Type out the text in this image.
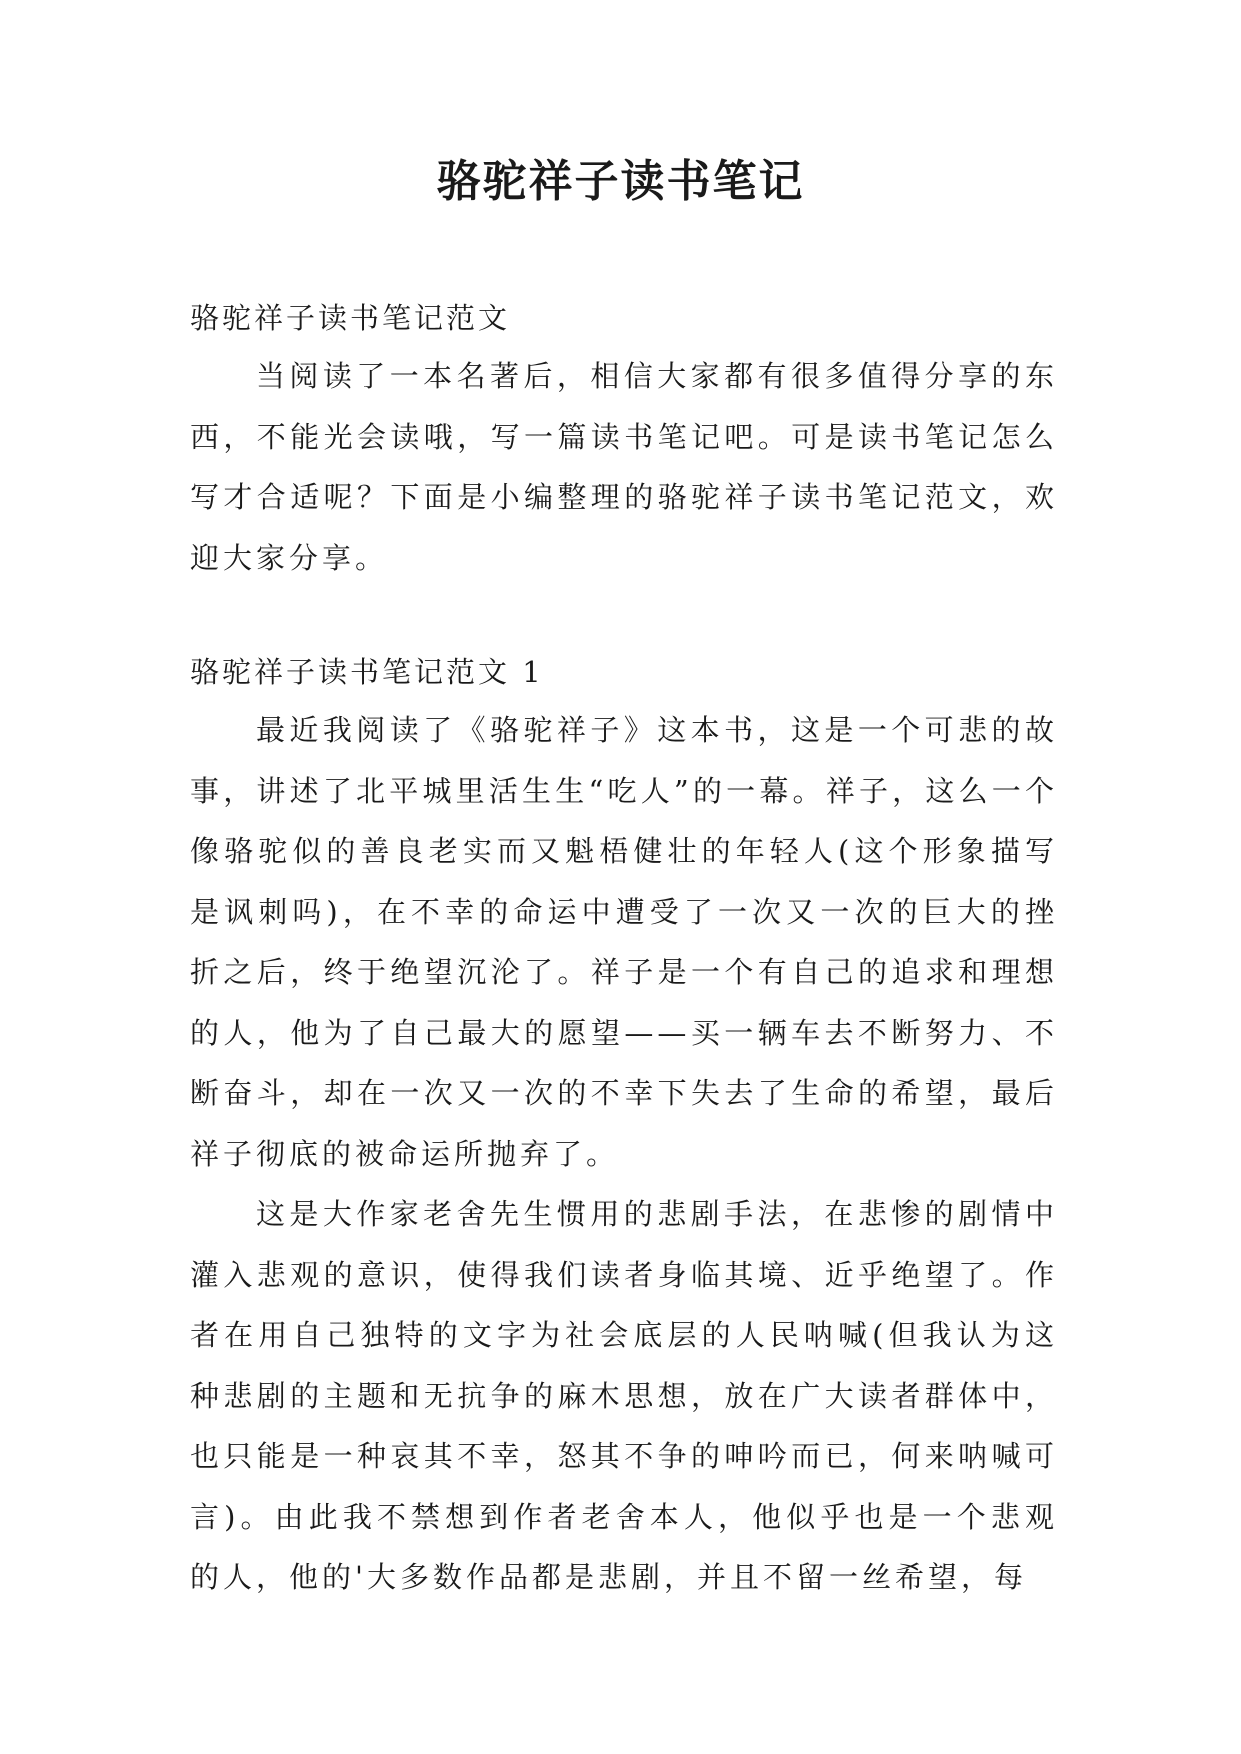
骆驼祥子读书笔记

骆驼祥子读书笔记范文

当阅读了一本名著后，相信大家都有很多值得分享的东西，不能光会读哦，写一篇读书笔记吧。可是读书笔记怎么写才合适呢？下面是小编整理的骆驼祥子读书笔记范文，欢迎大家分享。

骆驼祥子读书笔记范文 1

最近我阅读了《骆驼祥子》这本书，这是一个可悲的故事，讲述了北平城里活生生“吃人”的一幕。祥子，这么一个像骆驼似的善良老实而又魁梧健壮的年轻人(这个形象描写是讽刺吗)，在不幸的命运中遭受了一次又一次的巨大的挫折之后，终于绝望沉沦了。祥子是一个有自己的追求和理想的人，他为了自己最大的愿望——买一辆车去不断努力、不断奋斗，却在一次又一次的不幸下失去了生命的希望，最后祥子彻底的被命运所抛弃了。

这是大作家老舍先生惯用的悲剧手法，在悲惨的剧情中灌入悲观的意识，使得我们读者身临其境、近乎绝望了。作者在用自己独特的文字为社会底层的人民呐喊(但我认为这种悲剧的主题和无抗争的麻木思想，放在广大读者群体中，也只能是一种哀其不幸，怒其不争的呻吟而已，何来呐喊可言)。由此我不禁想到作者老舍本人，他似乎也是一个悲观的人，他的'大多数作品都是悲剧，并且不留一丝希望，每
